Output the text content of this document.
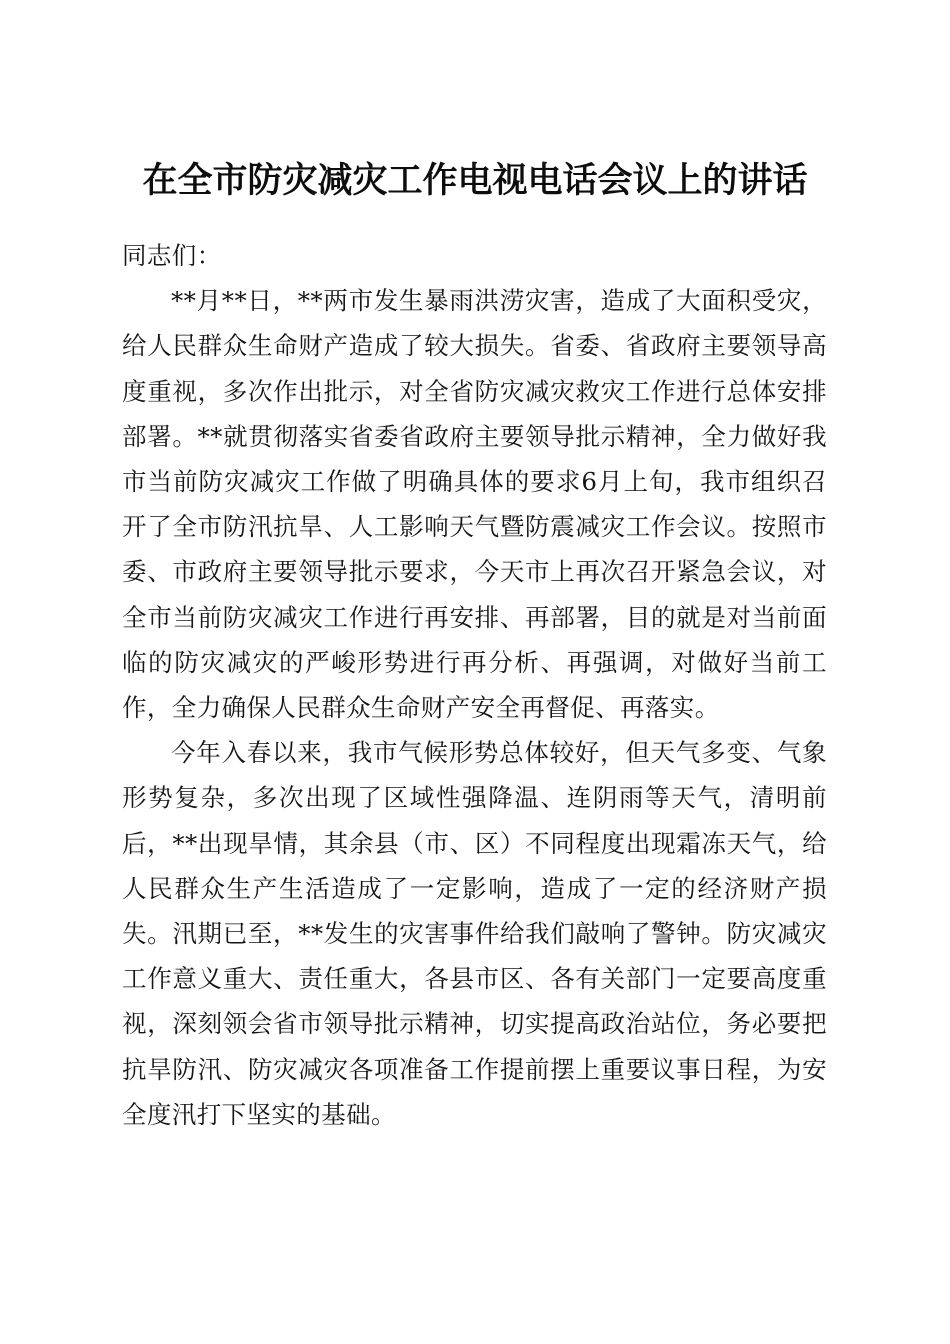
在全市防灾减灾工作电视电话会议上的讲话

同志们：

**月**日，**两市发生暴雨洪涝灾害，造成了大面积受灾，给人民群众生命财产造成了较大损失。省委、省政府主要领导高度重视，多次作出批示，对全省防灾减灾救灾工作进行总体安排部署。**就贯彻落实省委省政府主要领导批示精神，全力做好我市当前防灾减灾工作做了明确具体的要求6月上旬，我市组织召开了全市防汛抗旱、人工影响天气暨防震减灾工作会议。按照市委、市政府主要领导批示要求，今天市上再次召开紧急会议，对全市当前防灾减灾工作进行再安排、再部署，目的就是对当前面临的防灾减灾的严峻形势进行再分析、再强调，对做好当前工作，全力确保人民群众生命财产安全再督促、再落实。

今年入春以来，我市气候形势总体较好，但天气多变、气象形势复杂，多次出现了区域性强降温、连阴雨等天气，清明前后，**出现旱情，其余县（市、区）不同程度出现霜冻天气，给人民群众生产生活造成了一定影响，造成了一定的经济财产损失。汛期已至，**发生的灾害事件给我们敲响了警钟。防灾减灾工作意义重大、责任重大，各县市区、各有关部门一定要高度重视，深刻领会省市领导批示精神，切实提高政治站位，务必要把抗旱防汛、防灾减灾各项准备工作提前摆上重要议事日程，为安全度汛打下坚实的基础。
